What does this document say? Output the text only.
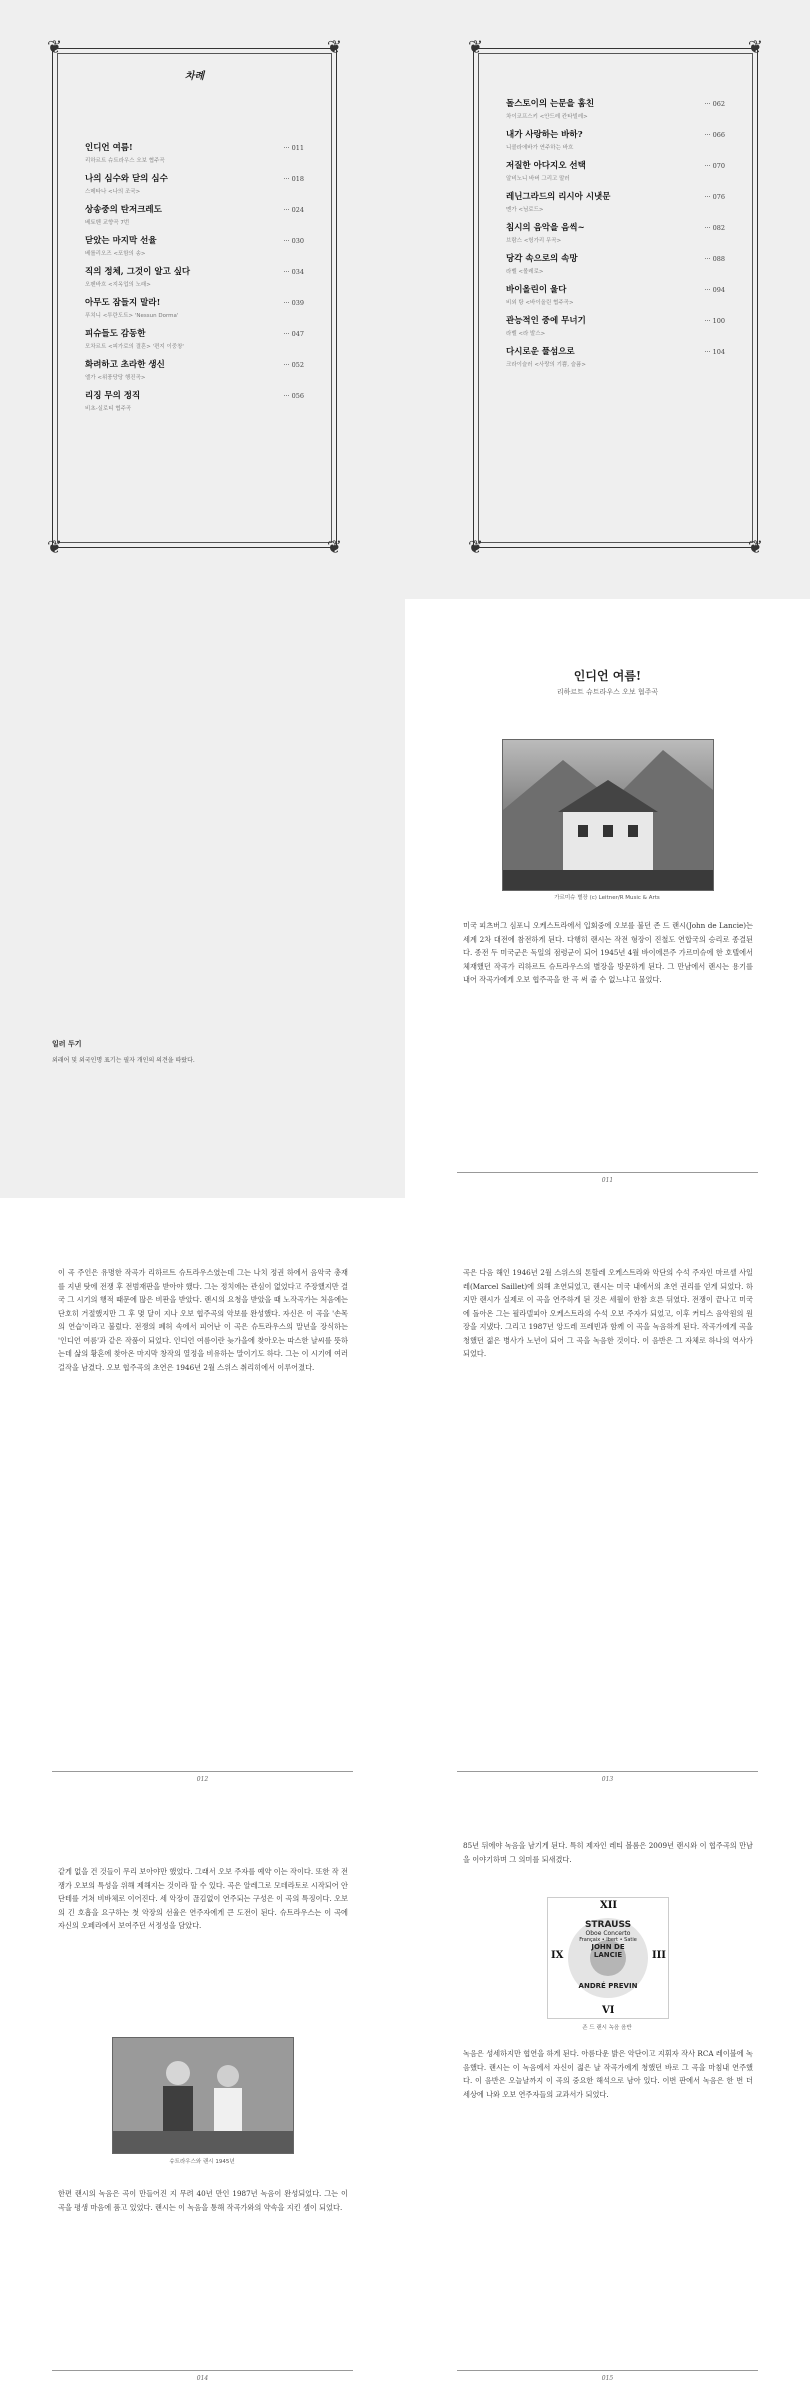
❦	❦
❦	❦
차례
인디언 여름!	··· 011
리하르트 슈트라우스 오보 협주곡
나의 심수와 닫의 심수	··· 018
스메타나 <나의 조국>
상송중의 탄저크레도	··· 024
베토벤 교향곡 7번
닫았는 마지막 선율	··· 030
베를리오즈 <포함의 송>
직의 정체, 그것이 알고 싶다	··· 034
오펜바흐 <지옥업의 노래>
아무도 잠들지 말라!	··· 039
푸치니 <투란도트> 'Nessun Dorma'
피슈들도 감동한	··· 047
모차르트 <피가로의 결혼> '편지 이중창'
화려하고 초라한 생신	··· 052
엘가 <위풍당당 행진곡>
리징 무의 정직	··· 056
비초-실로티 협주곡
❦	❦
❦	❦
돌스토이의 는문을 훔친	··· 062
차이코프스키 <안드레 칸타빌레>
내가 사랑하는 바하?	··· 066
니콜라에바가 연주하는 바흐
저질한 아다지오 선택	··· 070
알비노니 바버 그리고 말러
레닌그라드의 리시아 시냇문	··· 076
멘가 <님로드>
침시의 음악을 음씩~	··· 082
브람스 <헝가리 무곡>
당각 속으로의 속망	··· 088
라벨 <볼레로>
바이올린이 울다	··· 094
비외 탕 <바이올린 협주곡>
관능적인 중에 무너기	··· 100
라벨 <라 발스>
다시로운 풀섬으로	··· 104
크라이슬러 <사랑의 기쁨, 슬픔>
일러 두기
외래어 및 외국인명 표기는 필자 개인의 의견을 따랐다.
인디언 여름!
리하르트 슈트라우스 오보 협주곡
가르미슈 별장 (c) Leitner/R Music & Arts
미국 피츠버그 심포니 오케스트라에서 입회중에 오보를 불던 존 드 랜시(John de Lancie)는 세계 2차 대전에 참전하게 된다. 다행히 랜시는 작전 형장이 진철도 연합국의 승리로 종결된다. 종전 두 미국군은 독일의 점령군이 되어 1945년 4월 바이에른주 가르미슈에 한 호텔에서 체재했던 작곡가 리하르트 슈트라우스의 별장을 방문하게 된다. 그 만남에서 랜시는 용기를 내어 작곡가에게 오보 협주곡을 한 곡 써 줄 수 없느냐고 물었다.
011
이 곡 주인은 유명한 작곡가 리하르트 슈트라우스였는데 그는 나치 정권 하에서 음악국 총재를 지낸 탓에 전쟁 후 전범재판을 받아야 했다. 그는 정치에는 관심이 없었다고 주장했지만 결국 그 시기의 행적 때문에 많은 비판을 받았다. 랜시의 요청을 받았을 때 노작곡가는 처음에는 단호히 거절했지만 그 후 몇 달이 지나 오보 협주곡의 악보를 완성했다. 자신은 이 곡을 '손목의 연습'이라고 불렀다. 전쟁의 폐허 속에서 피어난 이 곡은 슈트라우스의 말년을 장식하는 '인디언 여름'과 같은 작품이 되었다. 인디언 여름이란 늦가을에 찾아오는 따스한 날씨를 뜻하는데 삶의 황혼에 찾아온 마지막 창작의 열정을 비유하는 말이기도 하다. 그는 이 시기에 여러 걸작을 남겼다. 오보 협주곡의 초연은 1946년 2월 스위스 취리히에서 이루어졌다.
012
곡은 다음 해인 1946년 2월 스위스의 톤할레 오케스트라와 악단의 수석 주자인 마르셀 사일레(Marcel Saillet)에 의해 초연되었고, 랜시는 미국 내에서의 초연 권리를 얻게 되었다. 하지만 랜시가 실제로 이 곡을 연주하게 된 것은 세월이 한참 흐른 뒤였다. 전쟁이 끝나고 미국에 돌아온 그는 필라델피아 오케스트라의 수석 오보 주자가 되었고, 이후 커티스 음악원의 원장을 지냈다. 그리고 1987년 앙드레 프레빈과 함께 이 곡을 녹음하게 된다. 작곡가에게 곡을 청했던 젊은 병사가 노년이 되어 그 곡을 녹음한 것이다. 이 음반은 그 자체로 하나의 역사가 되었다.
013
같게 없을 건 것들이 무리 보아야만 했었다. 그래서 오보 주자를 예약 이는 작이다. 또한 작 전쟁가 오보의 특성을 위해 제해지는 것이라 할 수 있다. 곡은 알레그로 모데라토로 시작되어 안단테를 거쳐 비바체로 이어진다. 세 악장이 끊김없이 연주되는 구성은 이 곡의 특징이다. 오보의 긴 호흡을 요구하는 첫 악장의 선율은 연주자에게 큰 도전이 된다. 슈트라우스는 이 곡에 자신의 오페라에서 보여주던 서정성을 담았다.
슈트라우스와 랜시 1945년
한편 랜시의 녹음은 곡이 만들어진 지 무려 40년 만인 1987년 녹음이 완성되었다. 그는 이 곡을 평생 마음에 품고 있었다. 랜시는 이 녹음을 통해 작곡가와의 약속을 지킨 셈이 되었다.
014
85년 뒤에야 녹음을 남기게 된다. 특히 제자인 레티 볼롬은 2009년 랜시와 이 협주곡의 만남을 이야기하며 그 의미를 되새겼다.
XII
III
VI
IX
STRAUSS
Oboe Concerto
Françaix • Ibert • Satie
JOHN DE LANCIE
ANDRÉ PREVIN
존 드 랜시 녹음 음반
녹음은 성세하지만 협연을 하게 된다. 아름다운 밝은 악단이고 지휘자 작사 RCA 레이블에 녹음했다. 랜시는 이 녹음에서 자신이 젊은 날 작곡가에게 청했던 바로 그 곡을 마침내 연주했다. 이 음반은 오늘날까지 이 곡의 중요한 해석으로 남아 있다. 이번 판에서 녹음은 한 번 더 세상에 나와 오보 연주자들의 교과서가 되었다.
015
